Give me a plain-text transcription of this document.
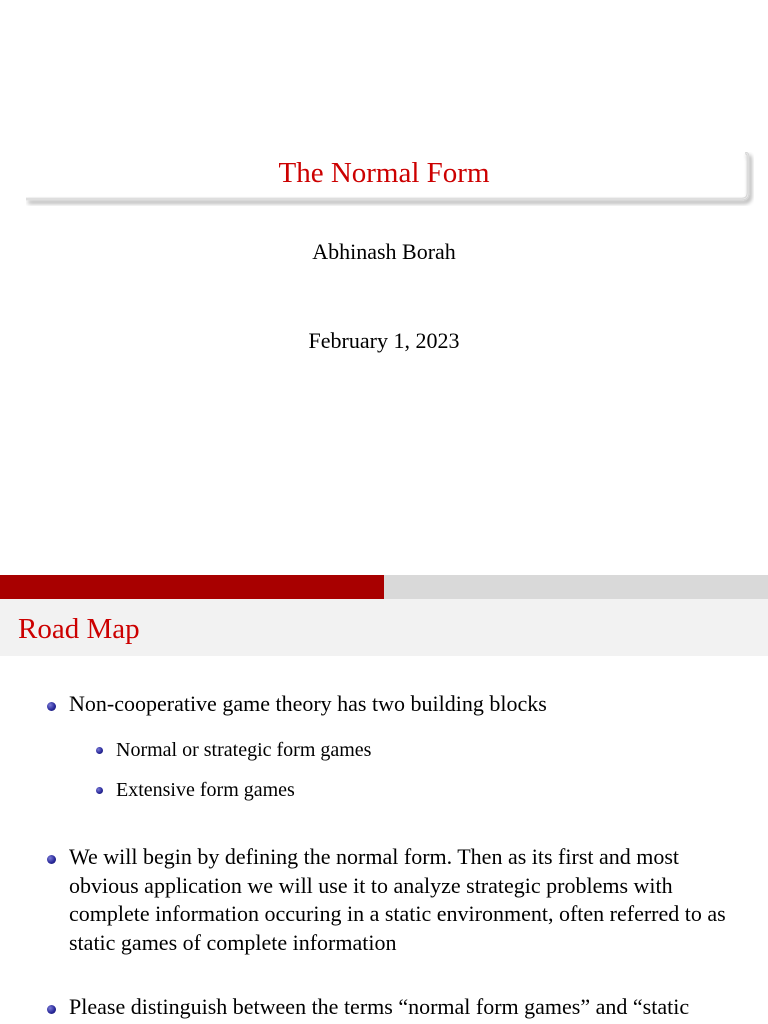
The Normal Form
Abhinash Borah
February 1, 2023
Road Map
Non-cooperative game theory has two building blocks
Normal or strategic form games
Extensive form games
We will begin by defining the normal form. Then as its first and most obvious application we will use it to analyze strategic problems with complete information occuring in a static environment, often referred to as static games of complete information
Please distinguish between the terms “normal form games” and “static
